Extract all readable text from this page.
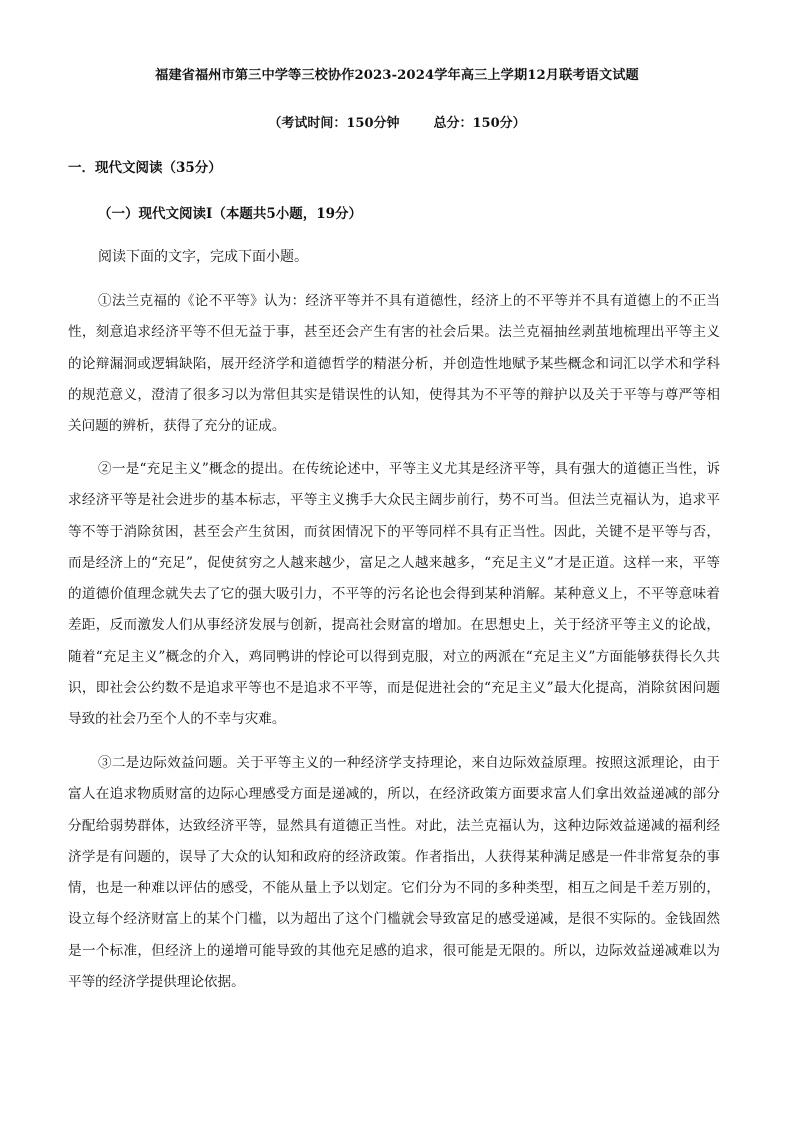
福建省福州市第三中学等三校协作2023-2024学年高三上学期12月联考语文试题
（考试时间：150分钟	总分：150分）
一．现代文阅读（35分）
（一）现代文阅读I（本题共5小题，19分）
阅读下面的文字，完成下面小题。

①法兰克福的《论不平等》认为：经济平等并不具有道德性，经济上的不平等并不具有道德上的不正当性，刻意追求经济平等不但无益于事，甚至还会产生有害的社会后果。法兰克福抽丝剥茧地梳理出平等主义的论辩漏洞或逻辑缺陷，展开经济学和道德哲学的精湛分析，并创造性地赋予某些概念和词汇以学术和学科的规范意义，澄清了很多习以为常但其实是错误性的认知，使得其为不平等的辩护以及关于平等与尊严等相关问题的辨析，获得了充分的证成。

②一是“充足主义”概念的提出。在传统论述中，平等主义尤其是经济平等，具有强大的道德正当性，诉求经济平等是社会进步的基本标志，平等主义携手大众民主阔步前行，势不可当。但法兰克福认为，追求平等不等于消除贫困，甚至会产生贫困，而贫困情况下的平等同样不具有正当性。因此，关键不是平等与否，而是经济上的“充足”，促使贫穷之人越来越少，富足之人越来越多，“充足主义”才是正道。这样一来，平等的道德价值理念就失去了它的强大吸引力，不平等的污名论也会得到某种消解。某种意义上，不平等意味着差距，反而激发人们从事经济发展与创新，提高社会财富的增加。在思想史上，关于经济平等主义的论战，随着“充足主义”概念的介入，鸡同鸭讲的悖论可以得到克服，对立的两派在“充足主义”方面能够获得长久共识，即社会公约数不是追求平等也不是追求不平等，而是促进社会的“充足主义”最大化提高，消除贫困问题导致的社会乃至个人的不幸与灾难。

③二是边际效益问题。关于平等主义的一种经济学支持理论，来自边际效益原理。按照这派理论，由于富人在追求物质财富的边际心理感受方面是递减的，所以，在经济政策方面要求富人们拿出效益递减的部分分配给弱势群体，达致经济平等，显然具有道德正当性。对此，法兰克福认为，这种边际效益递减的福利经济学是有问题的，误导了大众的认知和政府的经济政策。作者指出，人获得某种满足感是一件非常复杂的事情，也是一种难以评估的感受，不能从量上予以划定。它们分为不同的多种类型，相互之间是千差万别的，设立每个经济财富上的某个门槛，以为超出了这个门槛就会导致富足的感受递减，是很不实际的。金钱固然是一个标准，但经济上的递增可能导致的其他充足感的追求，很可能是无限的。所以，边际效益递减难以为平等的经济学提供理论依据。
